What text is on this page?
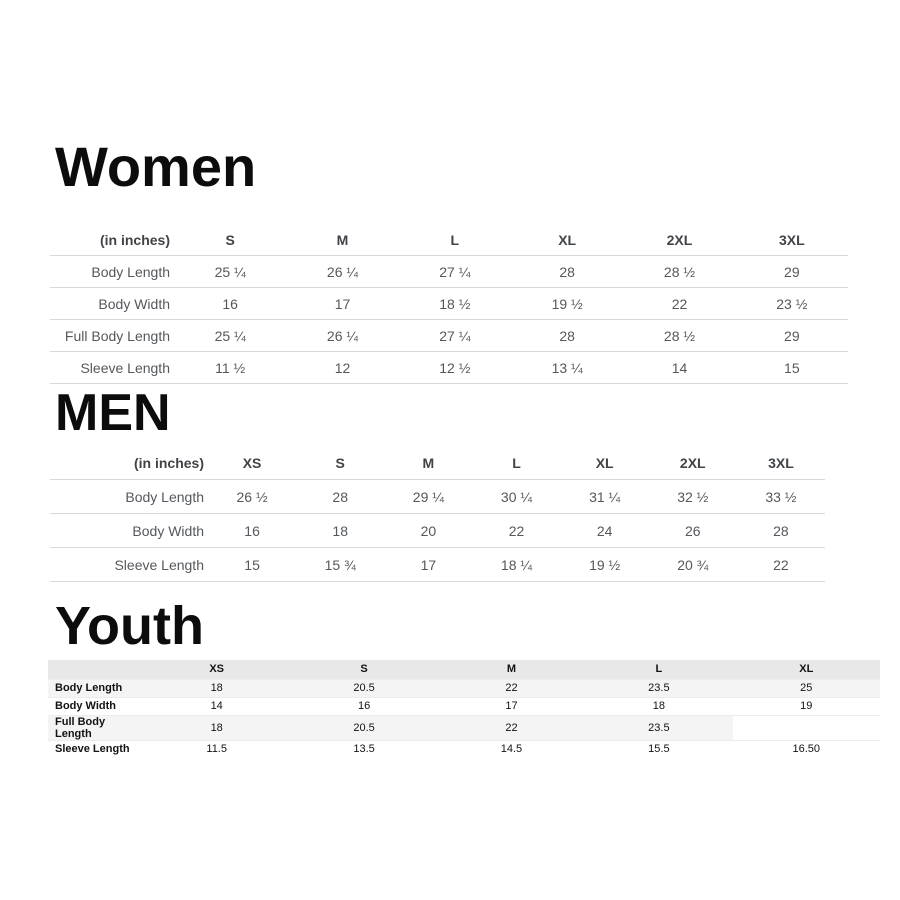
Women
(in inches)	S	M	L	XL	2XL	3XL
Body Length	25 ¼	26 ¼	27 ¼	28	28 ½	29
Body Width	16	17	18 ½	19 ½	22	23 ½
Full Body Length	25 ¼	26 ¼	27 ¼	28	28 ½	29
Sleeve Length	11 ½	12	12 ½	13 ¼	14	15
MEN
(in inches)	XS	S	M	L	XL	2XL	3XL
Body Length	26 ½	28	29 ¼	30 ¼	31 ¼	32 ½	33 ½
Body Width	16	18	20	22	24	26	28
Sleeve Length	15	15 ¾	17	18 ¼	19 ½	20 ¾	22
Youth
	XS	S	M	L	XL
Body Length	18	20.5	22	23.5	25
Body Width	14	16	17	18	19
Full Body Length	18	20.5	22	23.5	
Sleeve Length	11.5	13.5	14.5	15.5	16.50
